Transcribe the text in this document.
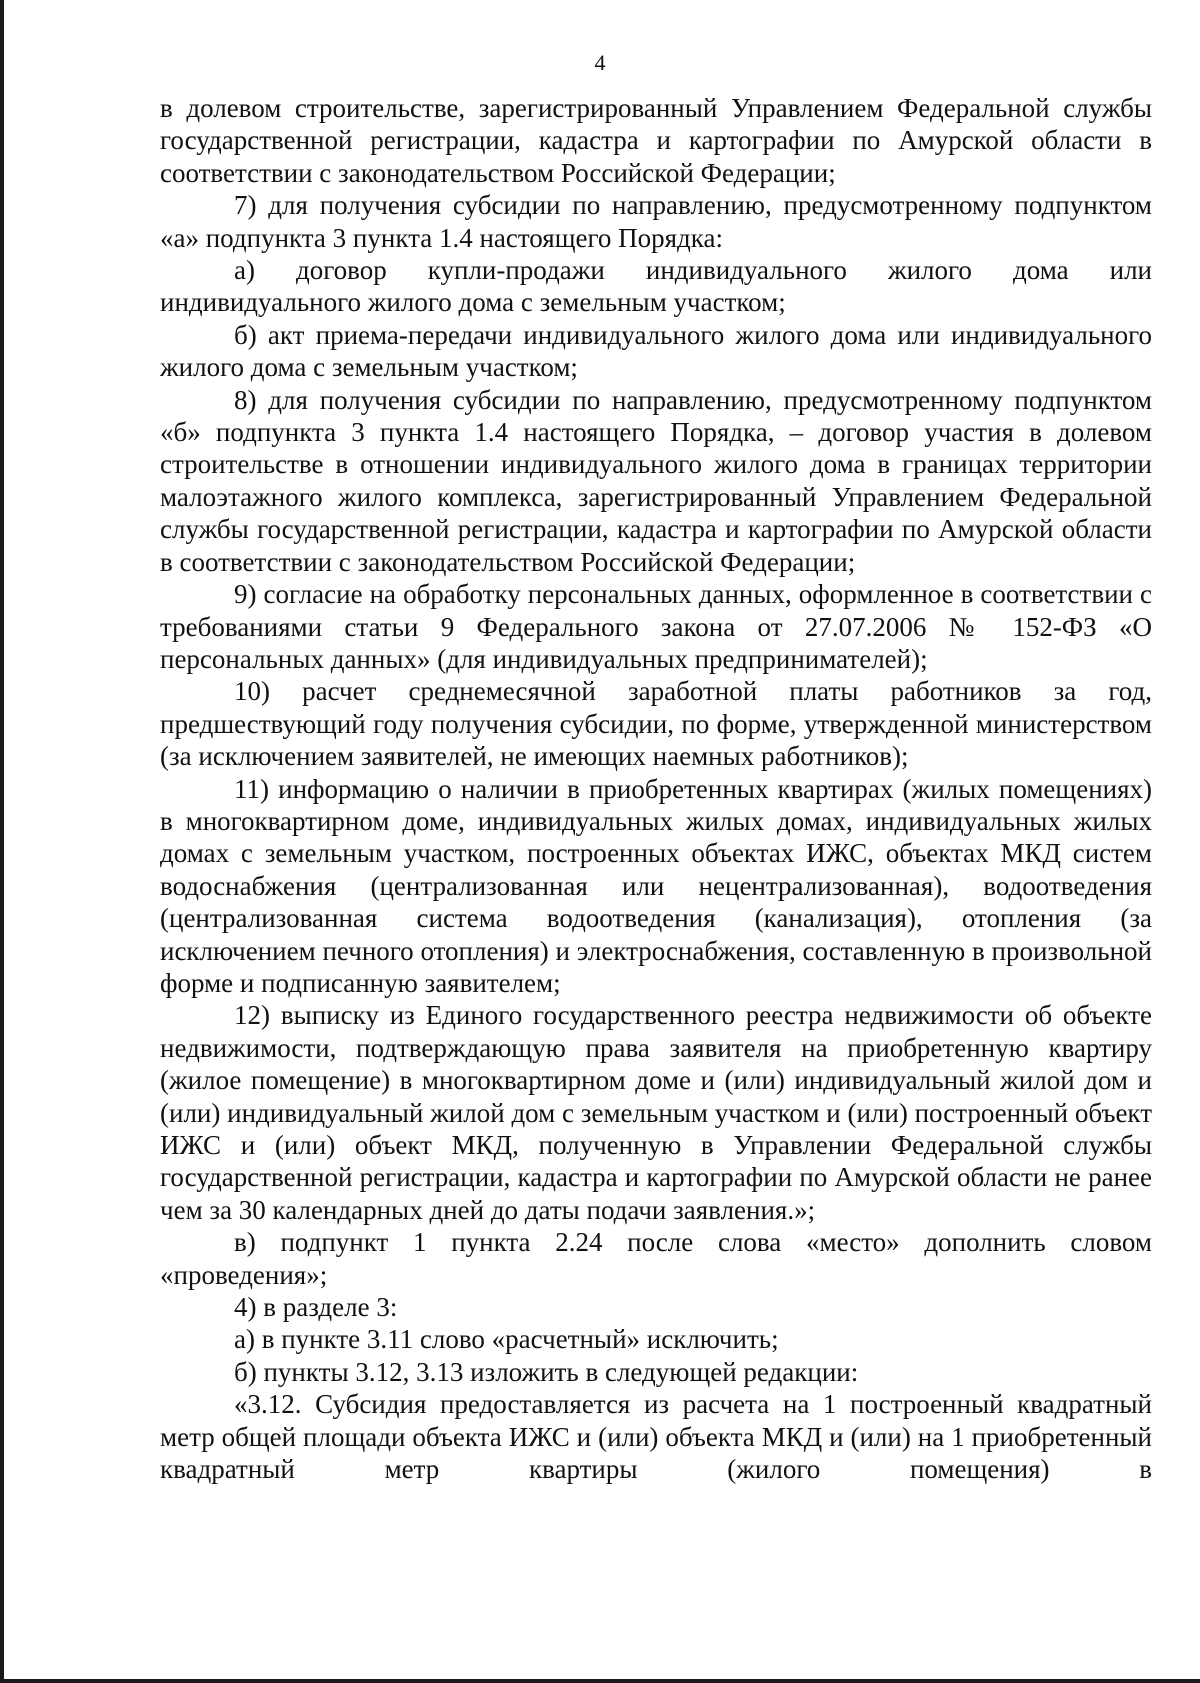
4

в долевом строительстве, зарегистрированный Управлением Федеральной службы государственной регистрации, кадастра и картографии по Амурской области в соответствии с законодательством Российской Федерации;

7) для получения субсидии по направлению, предусмотренному подпунктом «а» подпункта 3 пункта 1.4 настоящего Порядка:

а) договор купли-продажи индивидуального жилого дома или индивидуального жилого дома с земельным участком;

б) акт приема-передачи индивидуального жилого дома или индивидуального жилого дома с земельным участком;

8) для получения субсидии по направлению, предусмотренному подпунктом «б» подпункта 3 пункта 1.4 настоящего Порядка, – договор участия в долевом строительстве в отношении индивидуального жилого дома в границах территории малоэтажного жилого комплекса, зарегистрированный Управлением Федеральной службы государственной регистрации, кадастра и картографии по Амурской области в соответствии с законодательством Российской Федерации;

9) согласие на обработку персональных данных, оформленное в соответствии с требованиями статьи 9 Федерального закона от 27.07.2006 № 152-ФЗ «О персональных данных» (для индивидуальных предпринимателей);

10) расчет среднемесячной заработной платы работников за год, предшествующий году получения субсидии, по форме, утвержденной министерством (за исключением заявителей, не имеющих наемных работников);

11) информацию о наличии в приобретенных квартирах (жилых помещениях) в многоквартирном доме, индивидуальных жилых домах, индивидуальных жилых домах с земельным участком, построенных объектах ИЖС, объектах МКД систем водоснабжения (централизованная или нецентрализованная), водоотведения (централизованная система водоотведения (канализация), отопления (за исключением печного отопления) и электроснабжения, составленную в произвольной форме и подписанную заявителем;

12) выписку из Единого государственного реестра недвижимости об объекте недвижимости, подтверждающую права заявителя на приобретенную квартиру (жилое помещение) в многоквартирном доме и (или) индивидуальный жилой дом и (или) индивидуальный жилой дом с земельным участком и (или) построенный объект ИЖС и (или) объект МКД, полученную в Управлении Федеральной службы государственной регистрации, кадастра и картографии по Амурской области не ранее чем за 30 календарных дней до даты подачи заявления.»;

в) подпункт 1 пункта 2.24 после слова «место» дополнить словом «проведения»;

4) в разделе 3:

а) в пункте 3.11 слово «расчетный» исключить;

б) пункты 3.12, 3.13 изложить в следующей редакции:

«3.12. Субсидия предоставляется из расчета на 1 построенный квадратный метр общей площади объекта ИЖС и (или) объекта МКД и (или) на 1 приобретенный квадратный метр квартиры (жилого помещения) в
